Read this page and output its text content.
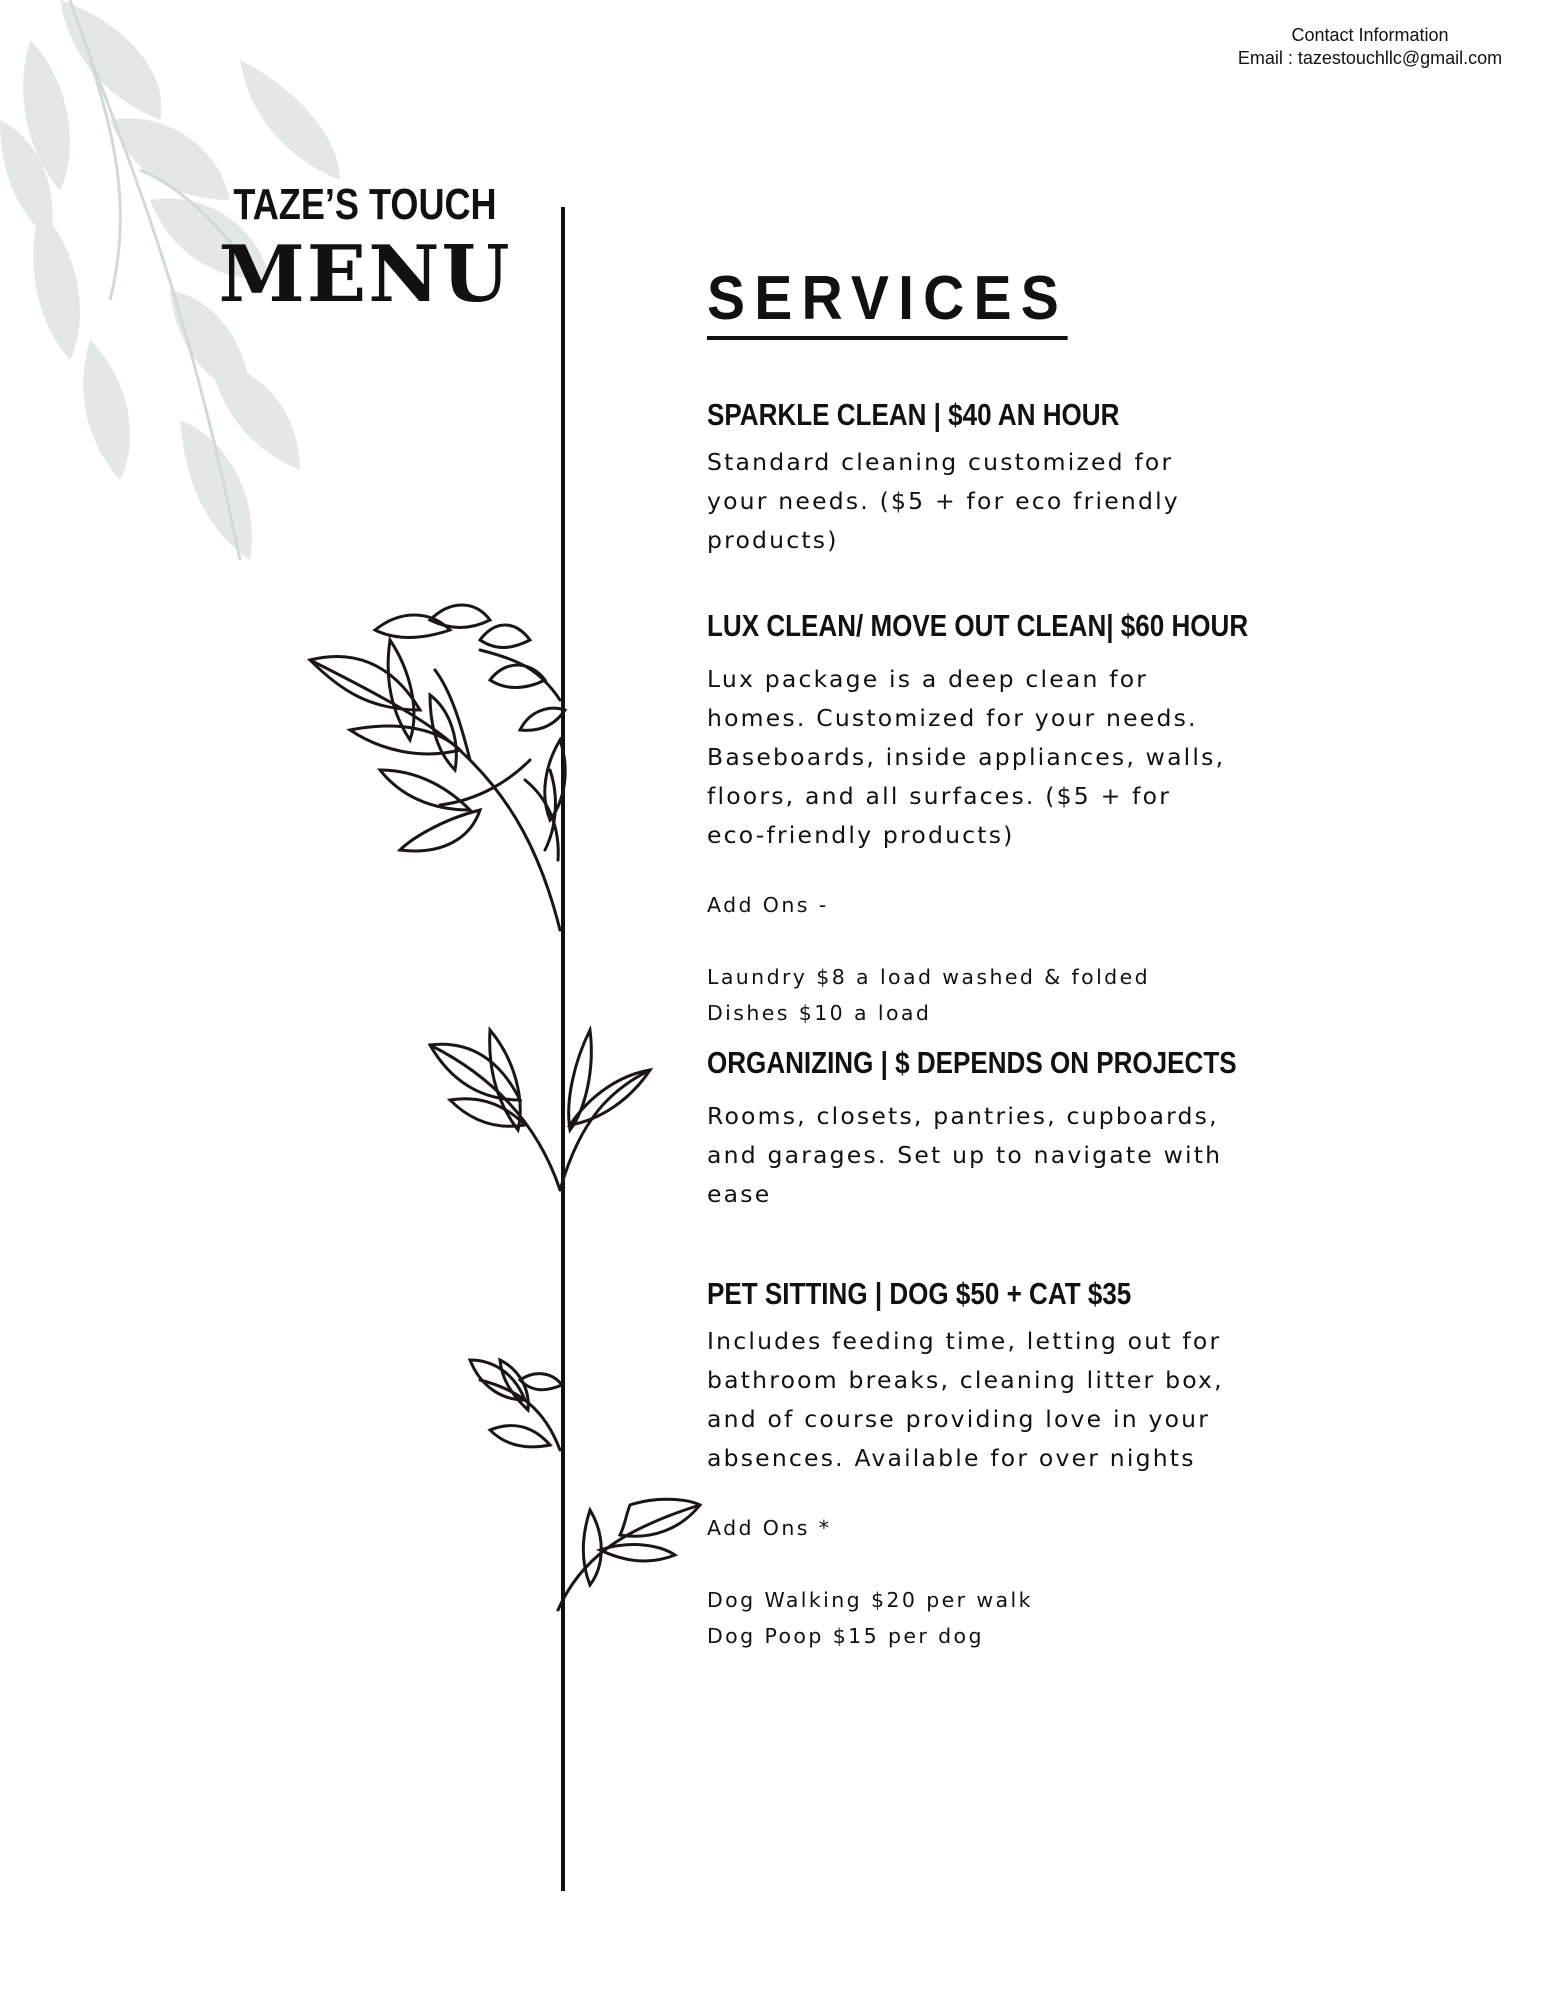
Contact Information
Email : tazestouchllc@gmail.com
TAZE’S TOUCH
MENU	SERVICES
SPARKLE CLEAN | $40 AN HOUR

Standard cleaning customized for your needs. ($5 + for eco friendly products)

LUX CLEAN/ MOVE OUT CLEAN| $60 HOUR

Lux package is a deep clean for homes. Customized for your needs. Baseboards, inside appliances, walls, floors, and all surfaces. ($5 + for eco-friendly products)

Add Ons -

Laundry $8 a load washed & folded

Dishes $10 a load

ORGANIZING | $ DEPENDS ON PROJECTS

Rooms, closets, pantries, cupboards, and garages. Set up to navigate with ease

PET SITTING | DOG $50 + CAT $35

Includes feeding time, letting out for bathroom breaks, cleaning litter box, and of course providing love in your absences. Available for over nights

Add Ons *

Dog Walking $20 per walk

Dog Poop $15 per dog
